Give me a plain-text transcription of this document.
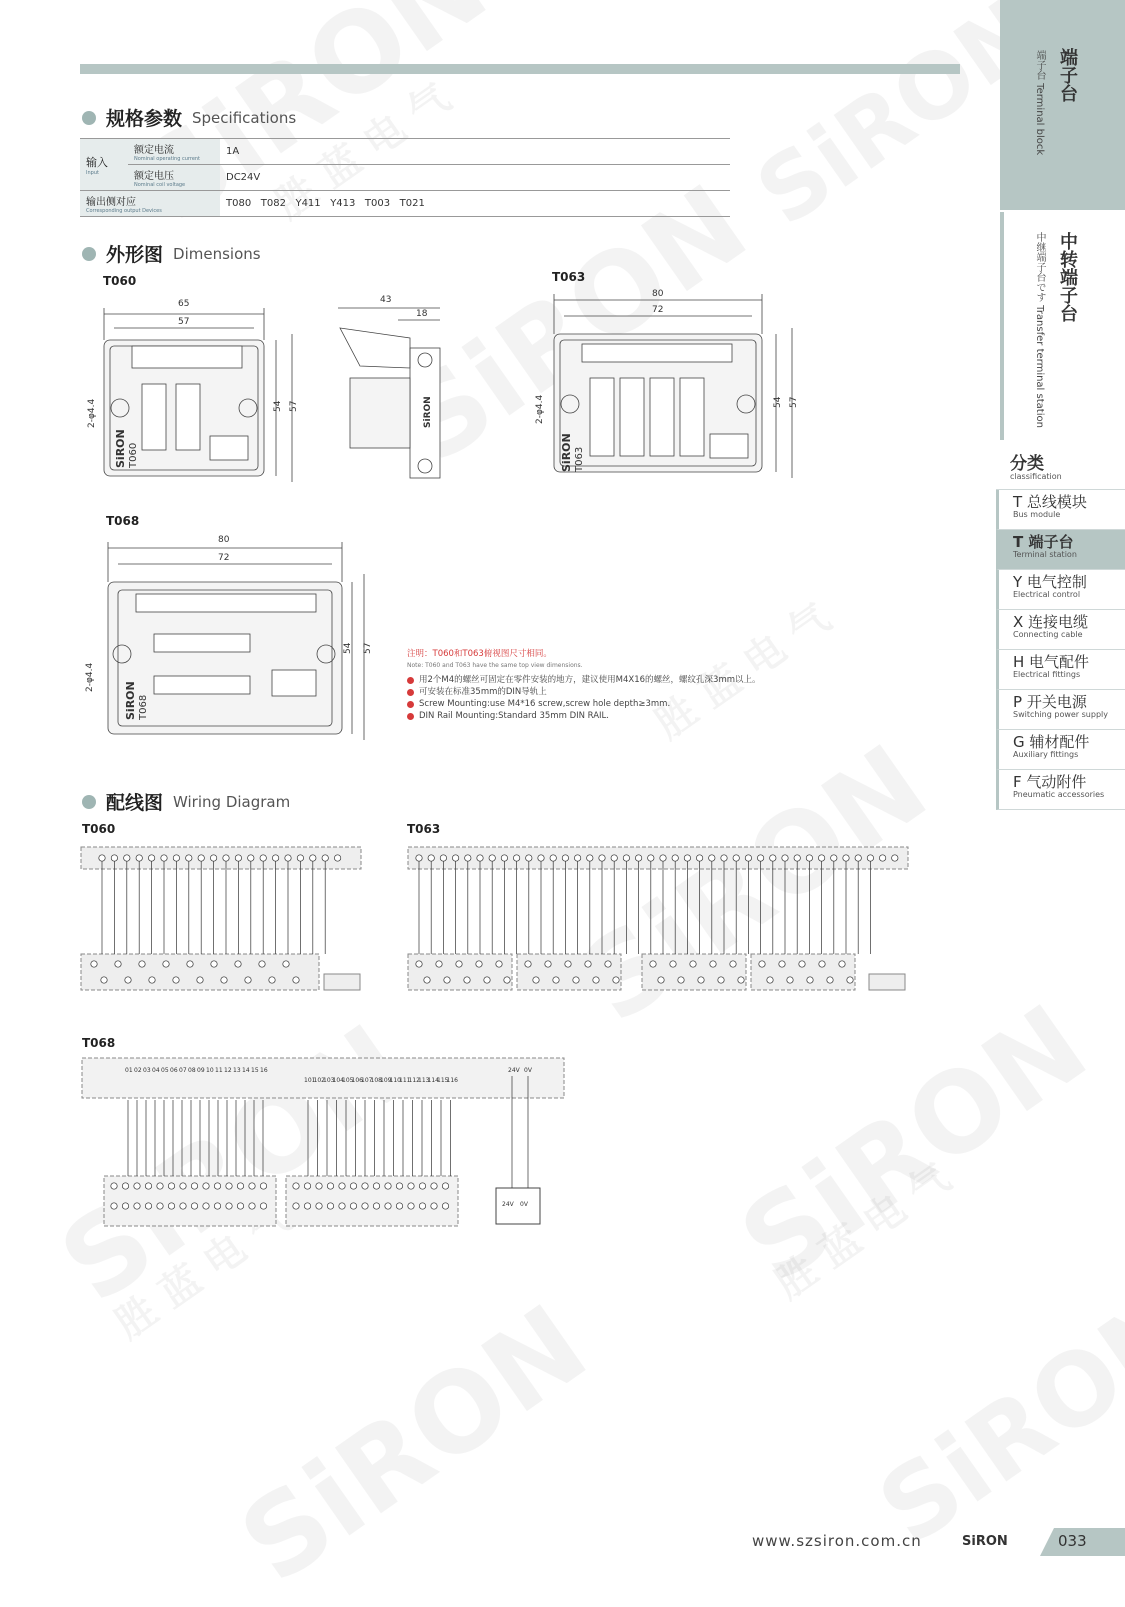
规格参数 Specifications
输入
Input	额定电流
Nominal operating current	1A
	额定电压
Nominal coil voltage	DC24V
输出侧对应
Corresponding output Devices		T080   T082   Y411   Y413   T003   T021
外形图 Dimensions
T060	T063
T068
65
57
43
18
54 57
2-φ4.4
SiRON T060
SiRON
80
72
54 57
2-φ4.4
SiRON T063
80
72
54 57
2-φ4.4
SiRON T068
注明：T060和T063俯视图尺寸相同。
Note: T060 and T063 have the same top view dimensions.
用2个M4的螺丝可固定在零件安装的地方，建议使用M4X16的螺丝，螺纹孔深3mm以上。
可安装在标准35mm的DIN导轨上
Screw Mounting:use M4*16 screw,screw hole depth≥3mm.
DIN Rail Mounting:Standard 35mm DIN RAIL.
配线图 Wiring Diagram
T060	T063
T068
01 02 03 04 05 06 07 08 09 10 11 12 13 14 15 16
101
102
103
104
105
106
107
108
109
110
111
112
113
114
115
116
24V 0V
24V 0V
端子台
端子台 Terminal block
中转端子台
中继端子台です Transfer terminal station
分类
classification
T 总线模块
Bus module
T 端子台
Terminal station
Y 电气控制
Electrical control
X 连接电缆
Connecting cable
H 电气配件
Electrical fittings
P 开关电源
Switching power supply
G 辅材配件
Auxiliary fittings
F 气动附件
Pneumatic accessories
www.szsiron.com.cn	SiRON	033
